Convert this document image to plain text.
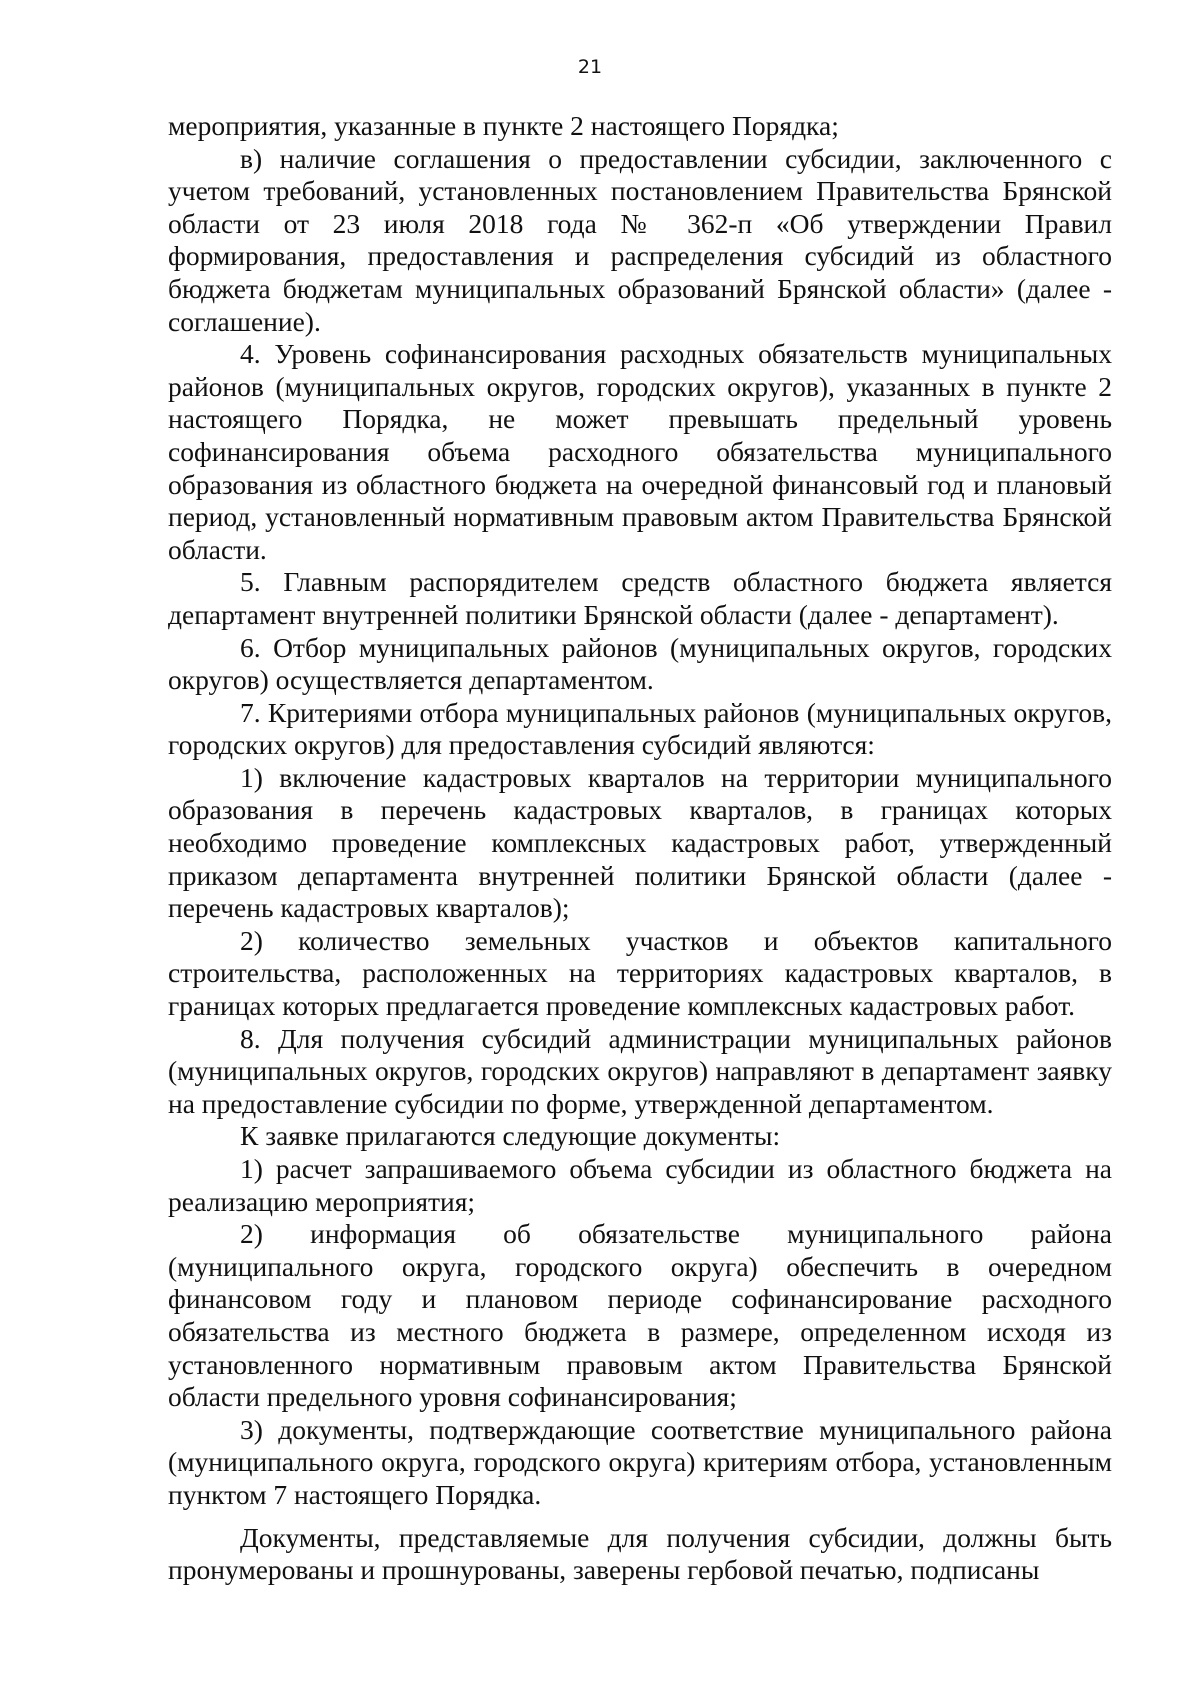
21

мероприятия, указанные в пункте 2 настоящего Порядка;

в) наличие соглашения о предоставлении субсидии, заключенного с учетом требований, установленных постановлением Правительства Брянской области от 23 июля 2018 года № 362-п «Об утверждении Правил формирования, предоставления и распределения субсидий из областного бюджета бюджетам муниципальных образований Брянской области» (далее - соглашение).

4. Уровень софинансирования расходных обязательств муниципальных районов (муниципальных округов, городских округов), указанных в пункте 2 настоящего Порядка, не может превышать предельный уровень софинансирования объема расходного обязательства муниципального образования из областного бюджета на очередной финансовый год и плановый период, установленный нормативным правовым актом Правительства Брянской области.

5. Главным распорядителем средств областного бюджета является департамент внутренней политики Брянской области (далее - департамент).

6. Отбор муниципальных районов (муниципальных округов, городских округов) осуществляется департаментом.

7. Критериями отбора муниципальных районов (муниципальных округов, городских округов) для предоставления субсидий являются:

1) включение кадастровых кварталов на территории муниципального образования в перечень кадастровых кварталов, в границах которых необходимо проведение комплексных кадастровых работ, утвержденный приказом департамента внутренней политики Брянской области (далее - перечень кадастровых кварталов);

2) количество земельных участков и объектов капитального строительства, расположенных на территориях кадастровых кварталов, в границах которых предлагается проведение комплексных кадастровых работ.

8. Для получения субсидий администрации муниципальных районов (муниципальных округов, городских округов) направляют в департамент заявку на предоставление субсидии по форме, утвержденной департаментом.

К заявке прилагаются следующие документы:

1) расчет запрашиваемого объема субсидии из областного бюджета на реализацию мероприятия;

2) информация об обязательстве муниципального района (муниципального округа, городского округа) обеспечить в очередном финансовом году и плановом периоде софинансирование расходного обязательства из местного бюджета в размере, определенном исходя из установленного нормативным правовым актом Правительства Брянской области предельного уровня софинансирования;

3) документы, подтверждающие соответствие муниципального района (муниципального округа, городского округа) критериям отбора, установленным пунктом 7 настоящего Порядка.

Документы, представляемые для получения субсидии, должны быть пронумерованы и прошнурованы, заверены гербовой печатью, подписаны
